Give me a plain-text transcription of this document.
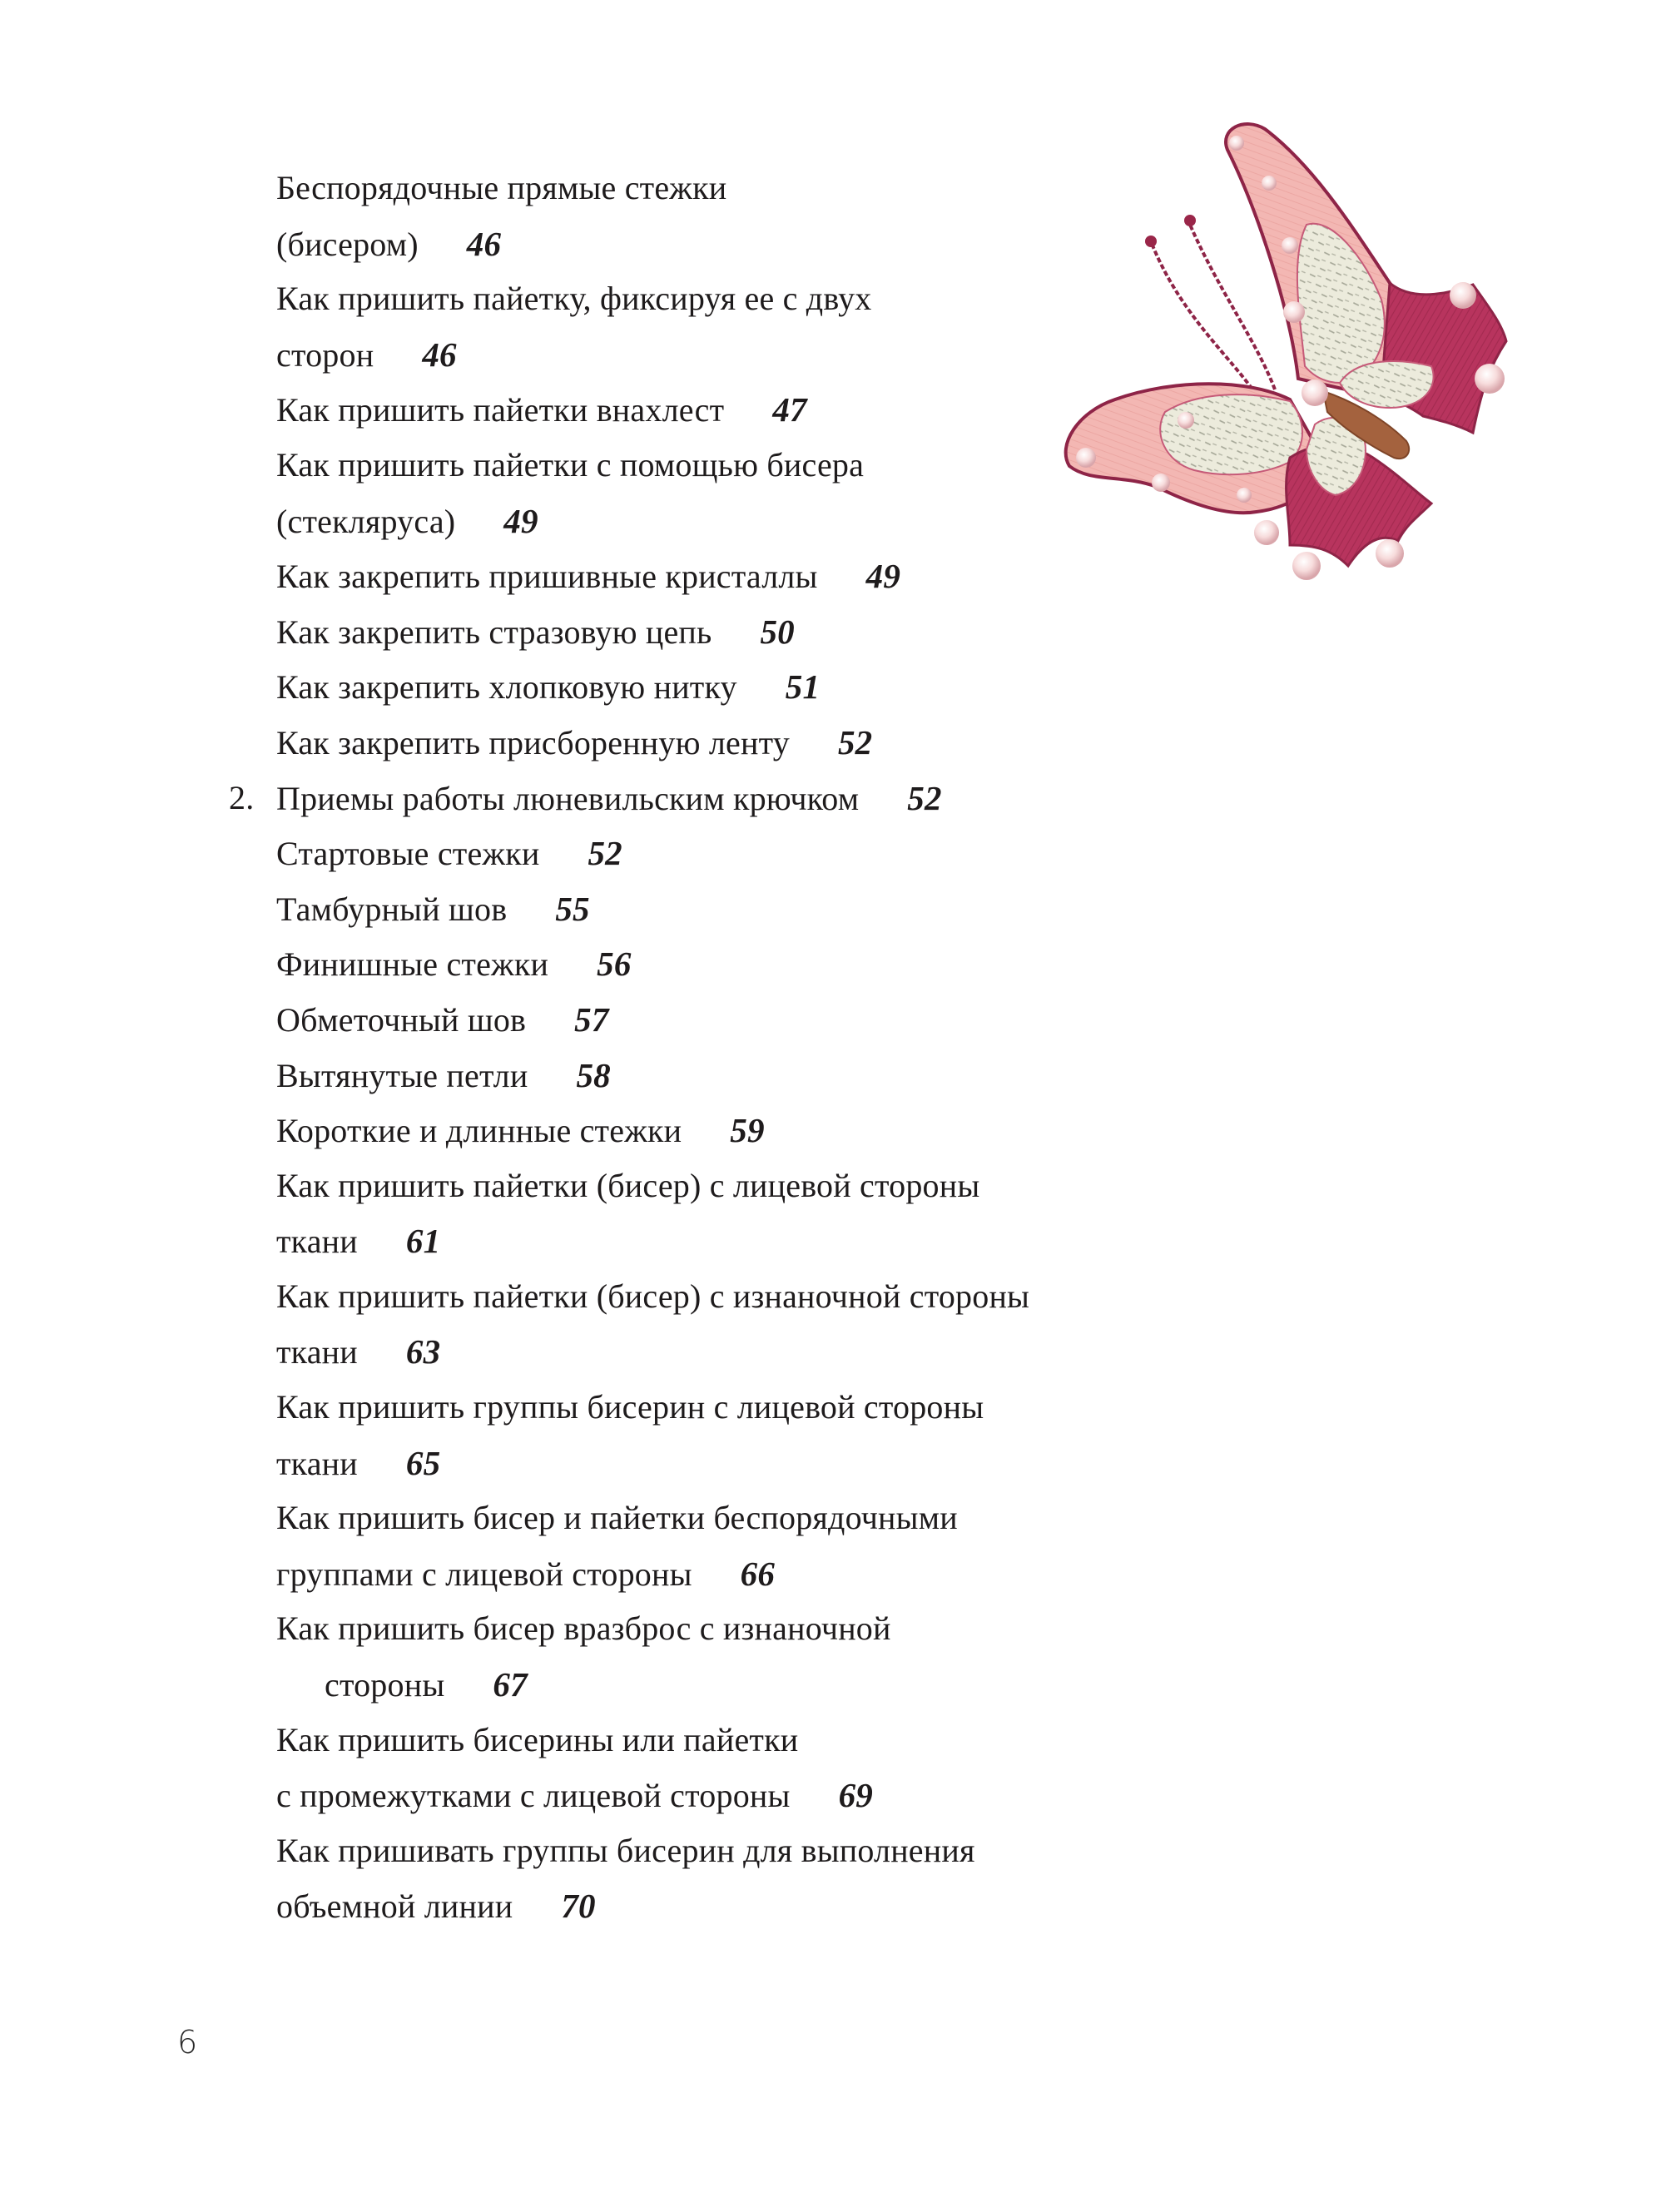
Беспорядочные прямые стежки
(бисером) 46
Как пришить пайетку, фиксируя ее с двух
сторон 46
Как пришить пайетки внахлест 47
Как пришить пайетки с помощью бисера
(стекляруса) 49
Как закрепить пришивные кристаллы 49
Как закрепить стразовую цепь 50
Как закрепить хлопковую нитку 51
Как закрепить присборенную ленту 52
2. Приемы работы люневильским крючком 52
Стартовые стежки 52
Тамбурный шов 55
Финишные стежки 56
Обметочный шов 57
Вытянутые петли 58
Короткие и длинные стежки 59
Как пришить пайетки (бисер) с лицевой стороны
ткани 61
Как пришить пайетки (бисер) с изнаночной стороны
ткани 63
Как пришить группы бисерин с лицевой стороны
ткани 65
Как пришить бисер и пайетки беспорядочными
группами с лицевой стороны 66
Как пришить бисер вразброс с изнаночной
стороны 67
Как пришить бисерины или пайетки
с промежутками с лицевой стороны 69
Как пришивать группы бисерин для выполнения
объемной линии 70
6
